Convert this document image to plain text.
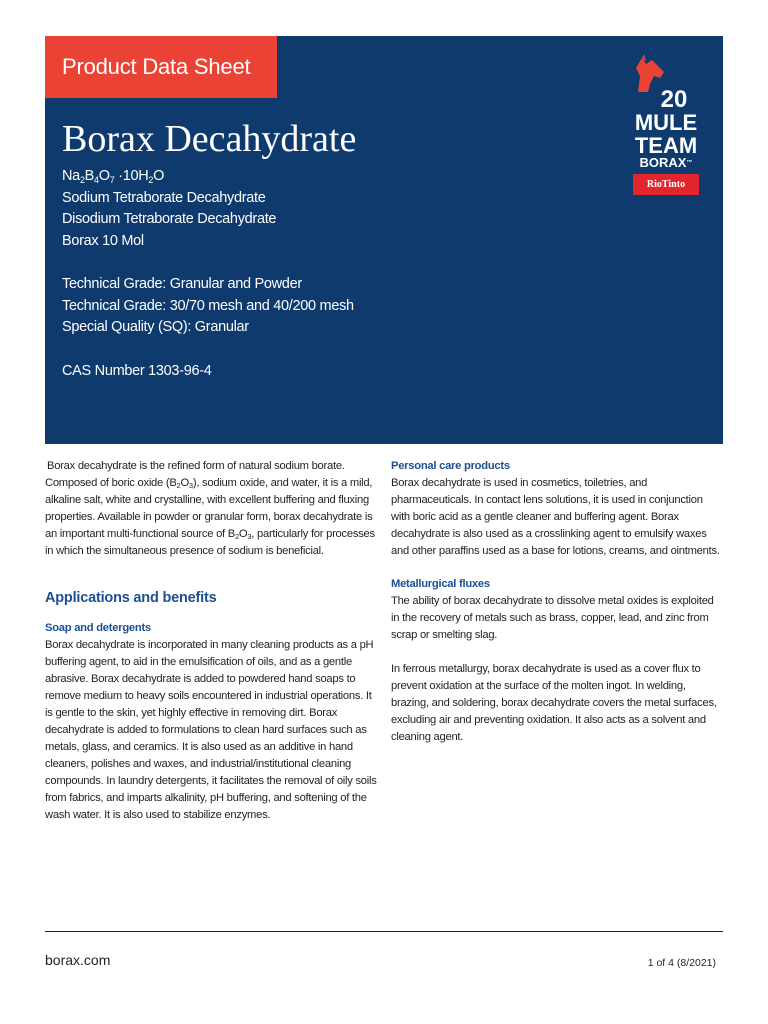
Product Data Sheet
Borax Decahydrate
$Na_2B_4O_7 \cdot 10H_2O$
Sodium Tetraborate Decahydrate
Disodium Tetraborate Decahydrate
Borax 10 Mol
Technical Grade: Granular and Powder
Technical Grade: 30/70 mesh and 40/200 mesh
Special Quality (SQ): Granular
CAS Number 1303-96-4
20
MULE
TEAM
BORAX™
RioTinto

Borax decahydrate is the refined form of natural sodium borate. Composed of boric oxide $(B_2O_3)$, sodium oxide, and water, it is a mild, alkaline salt, white and crystalline, with excellent buffering and fluxing properties. Available in powder or granular form, borax decahydrate is an important multi-functional source of $B_2O_3$, particularly for processes in which the simultaneous presence of sodium is beneficial.

Applications and benefits
Soap and detergents

Borax decahydrate is incorporated in many cleaning products as a pH buffering agent, to aid in the emulsification of oils, and as a gentle abrasive. Borax decahydrate is added to powdered hand soaps to remove medium to heavy soils encountered in industrial operations. It is gentle to the skin, yet highly effective in removing dirt. Borax decahydrate is added to formulations to clean hard surfaces such as metals, glass, and ceramics. It is also used as an additive in hand cleaners, polishes and waxes, and industrial/institutional cleaning compounds. In laundry detergents, it facilitates the removal of oily soils from fabrics, and imparts alkalinity, pH buffering, and softening of the wash water. It is also used to stabilize enzymes.

Personal care products

Borax decahydrate is used in cosmetics, toiletries, and pharmaceuticals. In contact lens solutions, it is used in conjunction with boric acid as a gentle cleaner and buffering agent. Borax decahydrate is also used as a crosslinking agent to emulsify waxes and other paraffins used as a base for lotions, creams, and ointments.

Metallurgical fluxes

The ability of borax decahydrate to dissolve metal oxides is exploited in the recovery of metals such as brass, copper, lead, and zinc from scrap or smelting slag.

In ferrous metallurgy, borax decahydrate is used as a cover flux to prevent oxidation at the surface of the molten ingot. In welding, brazing, and soldering, borax decahydrate covers the metal surfaces, excluding air and preventing oxidation. It also acts as a solvent and cleaning agent.

borax.com	1 of 4 (8/2021)
